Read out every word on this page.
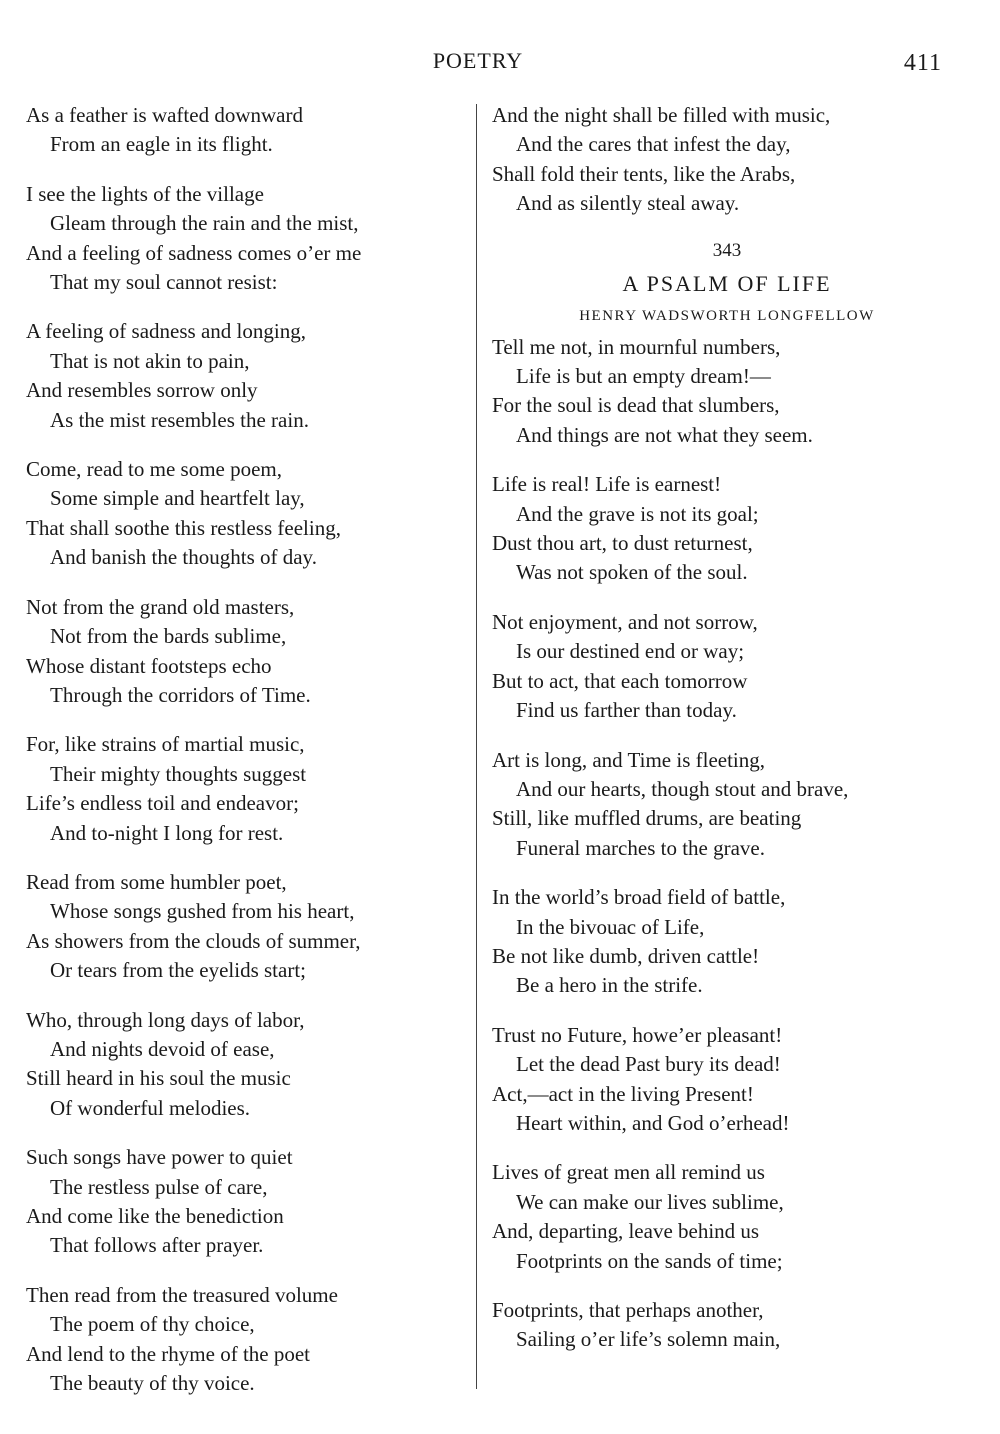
POETRY	411
As a feather is wafted downward
From an eagle in its flight.
I see the lights of the village
Gleam through the rain and the mist,
And a feeling of sadness comes o’er me
That my soul cannot resist:
A feeling of sadness and longing,
That is not akin to pain,
And resembles sorrow only
As the mist resembles the rain.
Come, read to me some poem,
Some simple and heartfelt lay,
That shall soothe this restless feeling,
And banish the thoughts of day.
Not from the grand old masters,
Not from the bards sublime,
Whose distant footsteps echo
Through the corridors of Time.
For, like strains of martial music,
Their mighty thoughts suggest
Life’s endless toil and endeavor;
And to-night I long for rest.
Read from some humbler poet,
Whose songs gushed from his heart,
As showers from the clouds of summer,
Or tears from the eyelids start;
Who, through long days of labor,
And nights devoid of ease,
Still heard in his soul the music
Of wonderful melodies.
Such songs have power to quiet
The restless pulse of care,
And come like the benediction
That follows after prayer.
Then read from the treasured volume
The poem of thy choice,
And lend to the rhyme of the poet
The beauty of thy voice.
And the night shall be filled with music,
And the cares that infest the day,
Shall fold their tents, like the Arabs,
And as silently steal away.
343
A PSALM OF LIFE
HENRY WADSWORTH LONGFELLOW
Tell me not, in mournful numbers,
Life is but an empty dream!—
For the soul is dead that slumbers,
And things are not what they seem.
Life is real! Life is earnest!
And the grave is not its goal;
Dust thou art, to dust returnest,
Was not spoken of the soul.
Not enjoyment, and not sorrow,
Is our destined end or way;
But to act, that each tomorrow
Find us farther than today.
Art is long, and Time is fleeting,
And our hearts, though stout and brave,
Still, like muffled drums, are beating
Funeral marches to the grave.
In the world’s broad field of battle,
In the bivouac of Life,
Be not like dumb, driven cattle!
Be a hero in the strife.
Trust no Future, howe’er pleasant!
Let the dead Past bury its dead!
Act,—act in the living Present!
Heart within, and God o’erhead!
Lives of great men all remind us
We can make our lives sublime,
And, departing, leave behind us
Footprints on the sands of time;
Footprints, that perhaps another,
Sailing o’er life’s solemn main,
